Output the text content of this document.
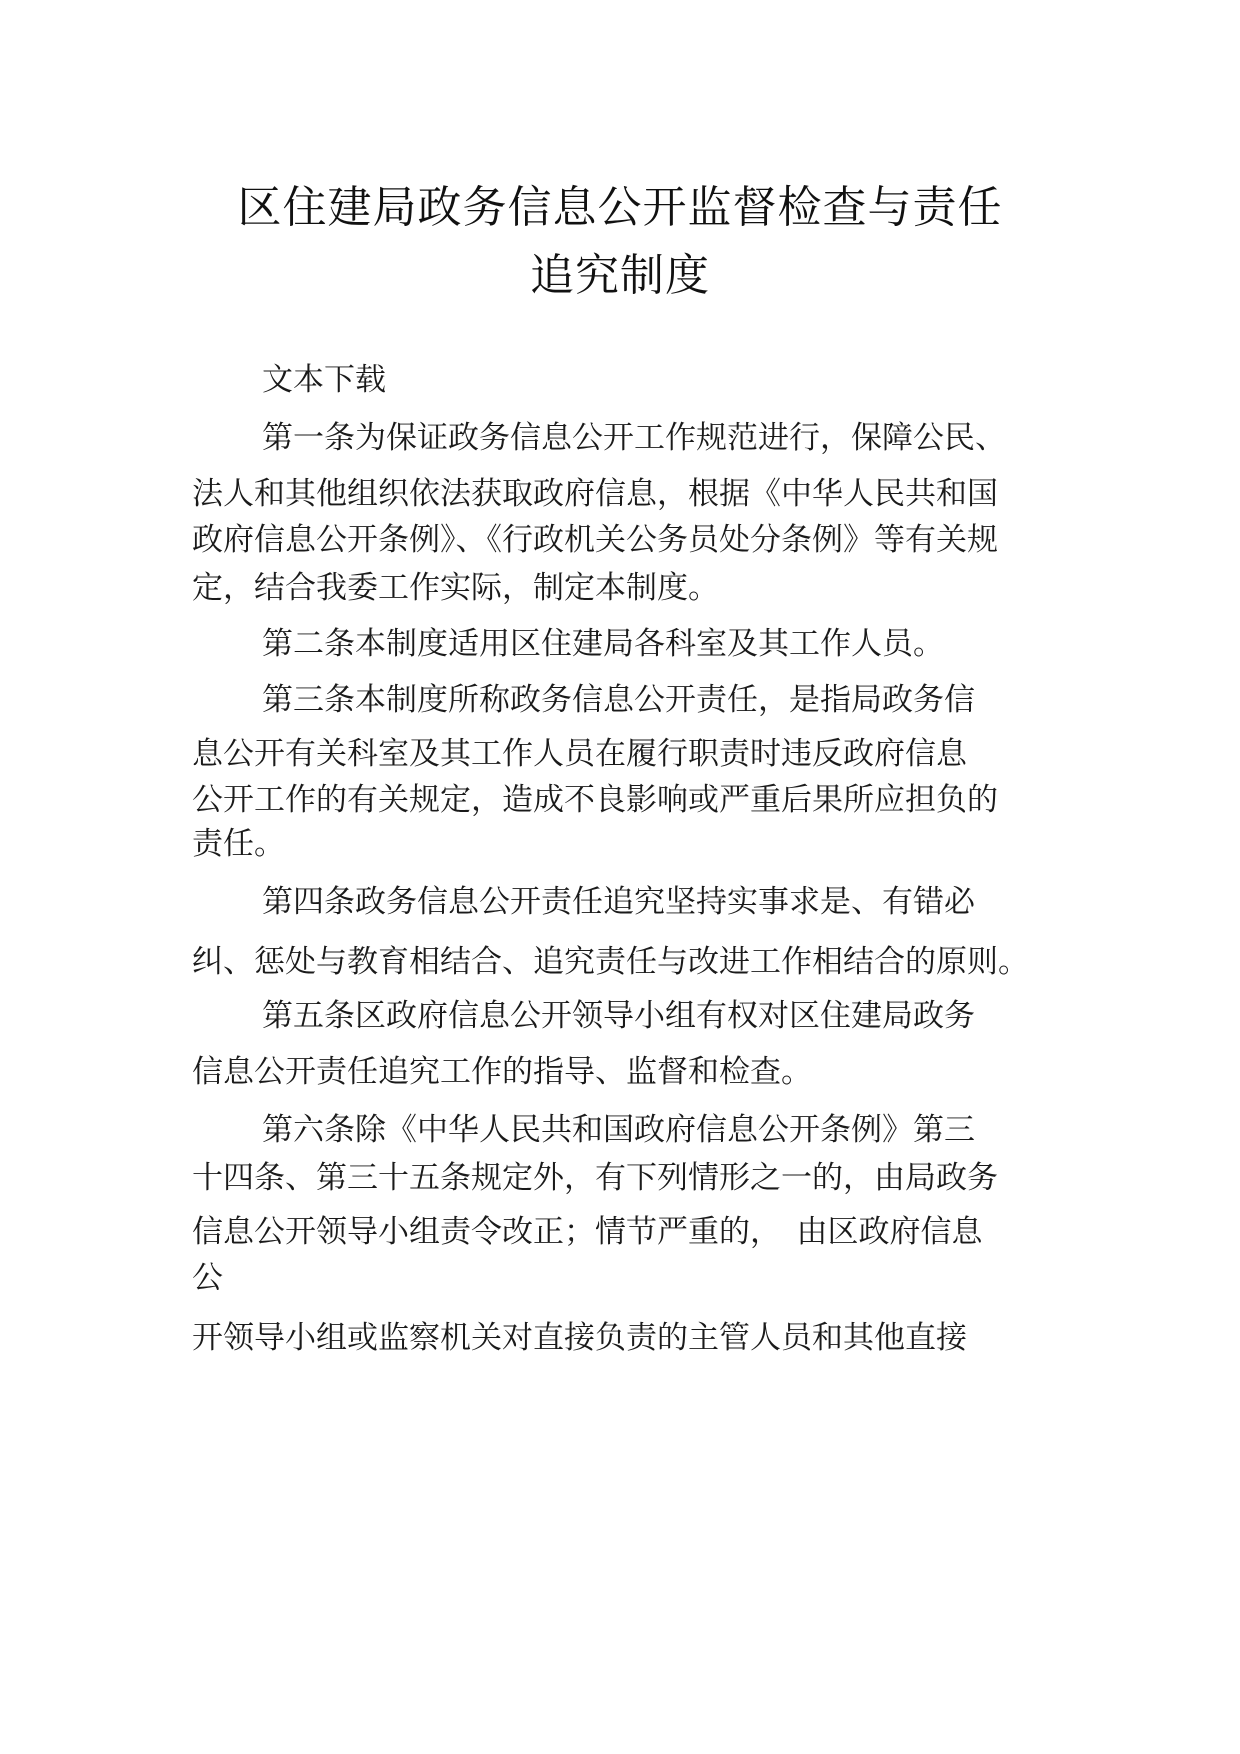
区住建局政务信息公开监督检查与责任
追究制度
文本下载
第一条为保证政务信息公开工作规范进行，保障公民、
法人和其他组织依法获取政府信息，根据《中华人民共和国
政府信息公开条例》、《行政机关公务员处分条例》等有关规
定，结合我委工作实际，制定本制度。
第二条本制度适用区住建局各科室及其工作人员。
第三条本制度所称政务信息公开责任，是指局政务信
息公开有关科室及其工作人员在履行职责时违反政府信息
公开工作的有关规定，造成不良影响或严重后果所应担负的
责任。
第四条政务信息公开责任追究坚持实事求是、有错必
纠、惩处与教育相结合、追究责任与改进工作相结合的原则。
第五条区政府信息公开领导小组有权对区住建局政务
信息公开责任追究工作的指导、监督和检查。
第六条除《中华人民共和国政府信息公开条例》第三
十四条、第三十五条规定外，有下列情形之一的，由局政务
信息公开领导小组责令改正；情节严重的，　由区政府信息
公
开领导小组或监察机关对直接负责的主管人员和其他直接
